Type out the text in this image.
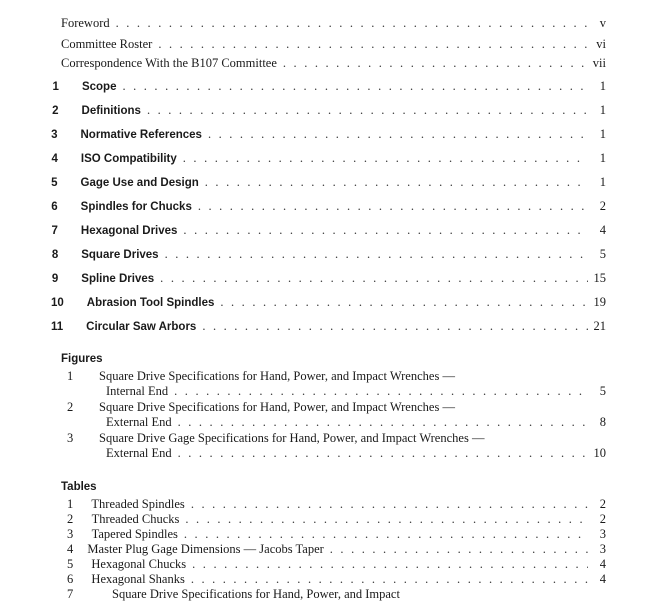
Foreword . . .	v
Committee Roster . . .	vi
Correspondence With the B107 Committee . . .	vii
1 Scope . . .	1
2 Definitions . . .	1
3 Normative References . . .	1
4 ISO Compatibility . . .	1
5 Gage Use and Design . . .	1
6 Spindles for Chucks . . .	2
7 Hexagonal Drives . . .	4
8 Square Drives . . .	5
9 Spline Drives . . .	15
10 Abrasion Tool Spindles . . .	19
11 Circular Saw Arbors . . .	21
Figures
1 Square Drive Specifications for Hand, Power, and Impact Wrenches —
Internal End . . .	5
2 Square Drive Specifications for Hand, Power, and Impact Wrenches —
External End . . .	8
3 Square Drive Gage Specifications for Hand, Power, and Impact Wrenches —
External End . . .	10
Tables
1	Threaded Spindles . . .	2
2	Threaded Chucks . . .	2
3	Tapered Spindles . . .	3
4 Master Plug Gage Dimensions — Jacobs Taper . . .	3
5	Hexagonal Chucks . . .	4
6	Hexagonal Shanks . . .	4
7	Square Drive Specifications for Hand, Power, and Impact
